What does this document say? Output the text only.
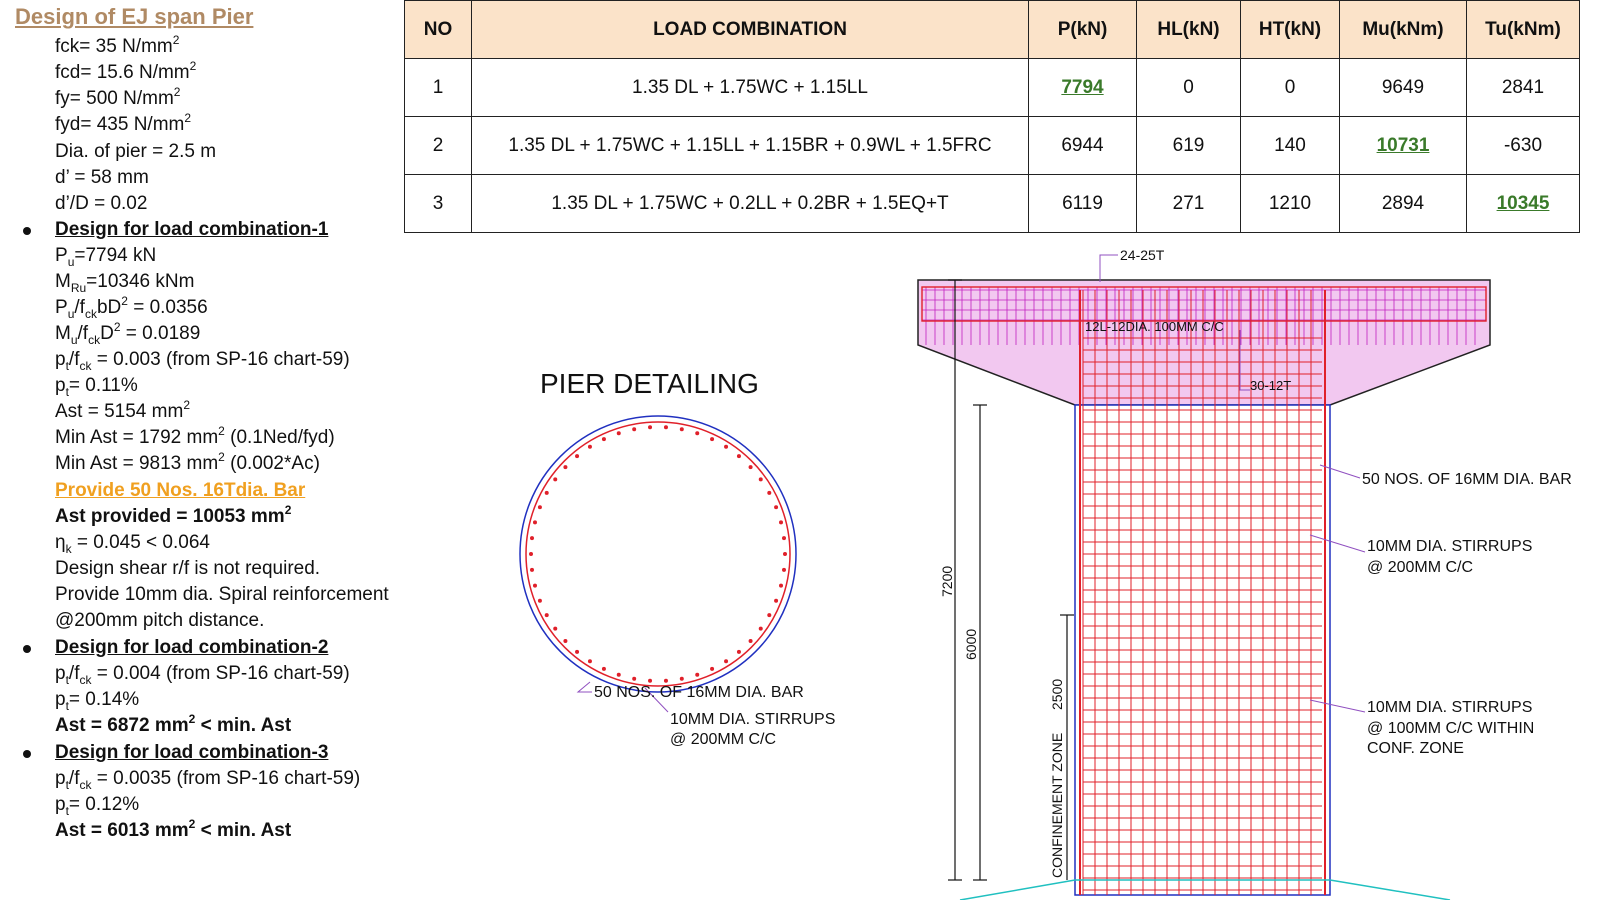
Design of EJ span Pier
fck= 35 $N/mm^2$
fcd= 15.6 $N/mm^2$
fy= 500 $N/mm^2$
fyd= 435 $N/mm^2$
Dia. of pier = 2.5 m
d’ = 58 mm
d’/D = 0.02
Design for load combination-1
$P_u=7794$ kN
$M_{Ru}=10346$ kNm
$P_u/f_{ck}bD^2 = 0.0356$
$M_u/f_{ck}D^2 = 0.0189$
$p_t/f_{ck} = 0.003$ (from SP-16 chart-59)
$p_t= 0.11\%$
Ast = 5154 $mm^2$
Min Ast = 1792 $mm^2$ (0.1Ned/fyd)
Min Ast = 9813 $mm^2$ (0.002*Ac)
Provide 50 Nos. 16Tdia. Bar
Ast provided = 10053 $mm^2$
$\eta_k = 0.045 < 0.064$
Design shear r/f is not required.
Provide 10mm dia. Spiral reinforcement
@200mm pitch distance.
Design for load combination-2
$p_t/f_{ck} = 0.004$ (from SP-16 chart-59)
$p_t= 0.14\%$
Ast = 6872 $mm^2 < \min$. Ast
Design for load combination-3
$p_t/f_{ck} = 0.0035$ (from SP-16 chart-59)
$p_t= 0.12\%$
Ast = 6013 $mm^2 < \min$. Ast
NO	LOAD COMBINATION	P(kN)	HL(kN)	HT(kN)	Mu(kNm)	Tu(kNm)
1	1.35 DL + 1.75WC + 1.15LL	7794	0	0	9649	2841
2	1.35 DL + 1.75WC + 1.15LL + 1.15BR + 0.9WL + 1.5FRC	6944	619	140	10731	-630
3	1.35 DL + 1.75WC + 0.2LL + 0.2BR + 1.5EQ+T	6119	271	1210	2894	10345
PIER DETAILING
50 NOS. OF 16MM DIA. BAR
10MM DIA. STIRRUPS
@ 200MM C/C
7200
6000
2500
CONFINEMENT ZONE
24-25T
12L-12DIA. 100MM C/C
30-12T
50 NOS. OF 16MM DIA. BAR
10MM DIA. STIRRUPS
@ 200MM C/C
10MM DIA. STIRRUPS
@ 100MM C/C WITHIN
CONF. ZONE
